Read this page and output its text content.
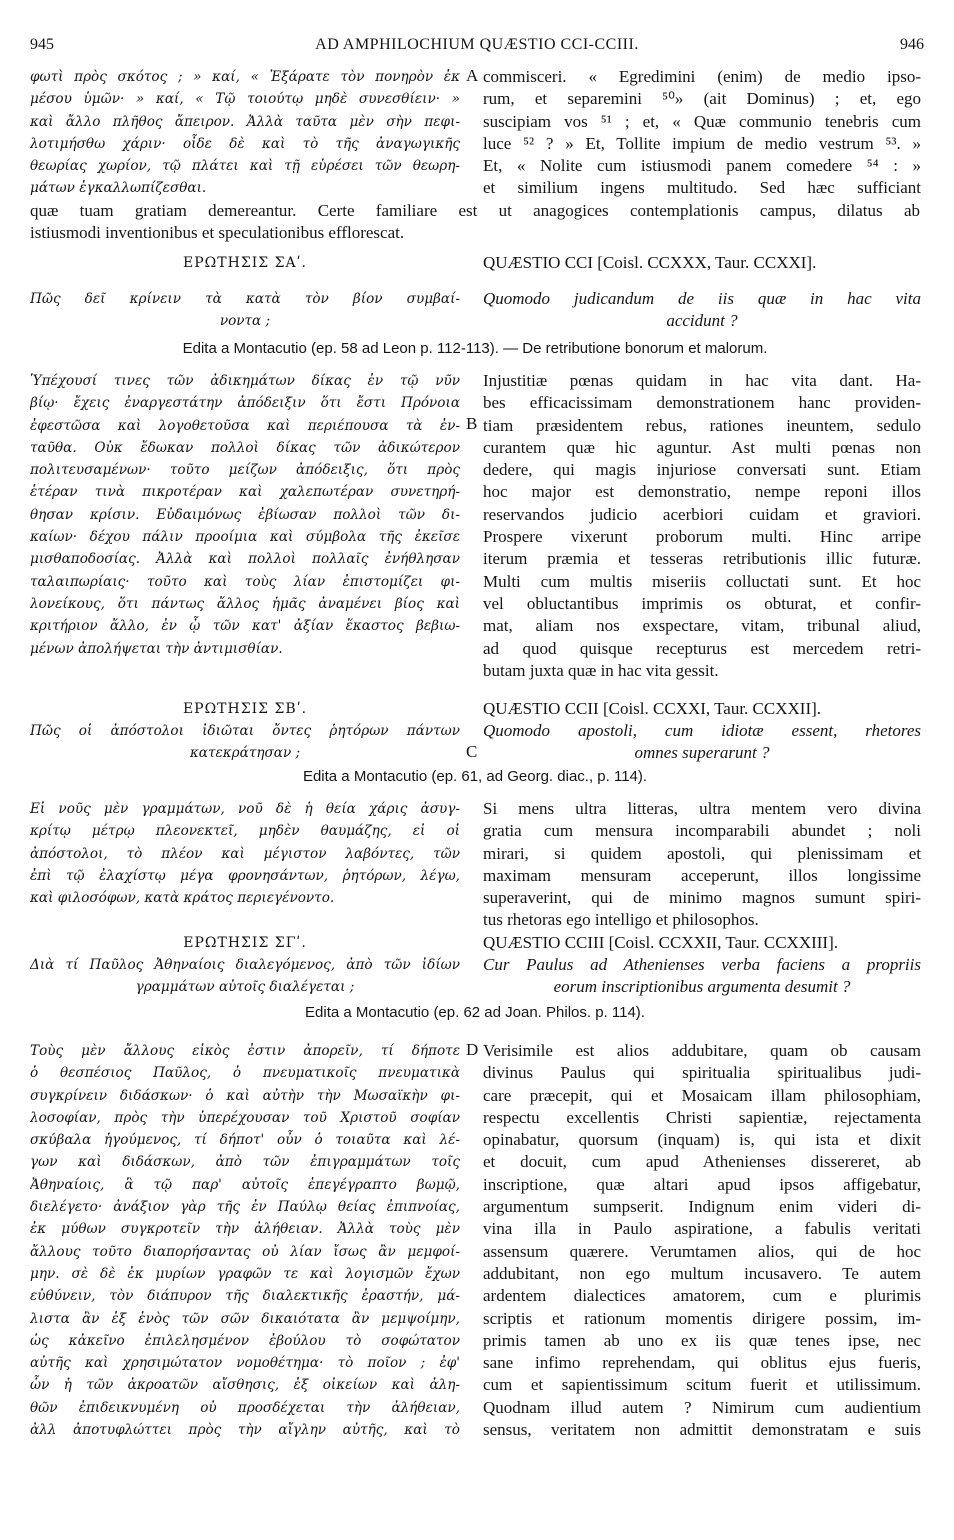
945	AD AMPHILOCHIUM QUÆSTIO CCI-CCIII.	946
φωτὶ πρὸς σκότος ; » καί, « Ἐξάρατε τὸν πονηρὸν ἐκ
μέσου ὑμῶν· » καί, « Τῷ τοιούτῳ μηδὲ συνεσθίειν· »
καὶ ἄλλο πλῆθος ἄπειρον. Ἀλλὰ ταῦτα μὲν σὴν πεφι-
λοτιμήσθω χάριν· οἶδε δὲ καὶ τὸ τῆς ἀναγωγικῆς
θεωρίας χωρίον, τῷ πλάτει καὶ τῇ εὑρέσει τῶν θεωρη-
μάτων ἐγκαλλωπίζεσθαι.
A commisceri. « Egredimini (enim) de medio ipso-
rum, et separemini ⁵⁰» (ait Dominus) ; et, ego
suscipiam vos ⁵¹ ; et, « Quæ communio tenebris cum
luce ⁵² ? » Et, Tollite impium de medio vestrum ⁵³. »
Et, « Nolite cum istiusmodi panem comedere ⁵⁴ : »
et similium ingens multitudo. Sed hæc sufficiant
quæ tuam gratiam demereantur. Certe familiare est ut anagogices contemplationis campus, dilatus ab
istiusmodi inventionibus et speculationibus efflorescat.
ΕΡΩΤΗΣΙΣ ΣΑʹ.	QUÆSTIO CCI [Coisl. CCXXX, Taur. CCXXI].
Πῶς δεῖ κρίνειν τὰ κατὰ τὸν βίον συμβαί-
νοντα ;
Quomodo judicandum de iis quæ in hac vita
accidunt ?
Edita a Montacutio (ep. 58 ad Leon p. 112-113). — De retributione bonorum et malorum.
Ὑπέχουσί τινες τῶν ἀδικημάτων δίκας ἐν τῷ νῦν
βίῳ· ἔχεις ἐναργεστάτην ἀπόδειξιν ὅτι ἔστι Πρόνοια
ἐφεστῶσα καὶ λογοθετοῦσα καὶ περιέπουσα τὰ ἐν-
ταῦθα. Οὐκ ἔδωκαν πολλοὶ δίκας τῶν ἀδικώτερον
πολιτευσαμένων· τοῦτο μείζων ἀπόδειξις, ὅτι πρὸς
ἑτέραν τινὰ πικροτέραν καὶ χαλεπωτέραν συνετηρή-
θησαν κρίσιν. Εὐδαιμόνως ἐβίωσαν πολλοὶ τῶν δι-
καίων· δέχου πάλιν προοίμια καὶ σύμβολα τῆς ἐκεῖσε
μισθαποδοσίας. Ἀλλὰ καὶ πολλοὶ πολλαῖς ἐνήθλησαν
ταλαιπωρίαις· τοῦτο καὶ τοὺς λίαν ἐπιστομίζει φι-
λονείκους, ὅτι πάντως ἄλλος ἡμᾶς ἀναμένει βίος καὶ
κριτήριον ἄλλο, ἐν ᾧ τῶν κατ' ἀξίαν ἕκαστος βεβιω-
μένων ἀπολήψεται τὴν ἀντιμισθίαν.
B
Injustitiæ pœnas quidam in hac vita dant. Ha-
bes efficacissimam demonstrationem hanc providen-
tiam præsidentem rebus, rationes ineuntem, sedulo
curantem quæ hic aguntur. Ast multi pœnas non
dedere, qui magis injuriose conversati sunt. Etiam
hoc major est demonstratio, nempe reponi illos
reservandos judicio acerbiori cuidam et graviori.
Prospere vixerunt proborum multi. Hinc arripe
iterum præmia et tesseras retributionis illic futuræ.
Multi cum multis miseriis colluctati sunt. Et hoc
vel obluctantibus imprimis os obturat, et confir-
mat, aliam nos exspectare, vitam, tribunal aliud,
ad quod quisque recepturus est mercedem retri-
butam juxta quæ in hac vita gessit.
ΕΡΩΤΗΣΙΣ ΣΒʹ.	QUÆSTIO CCII [Coisl. CCXXI, Taur. CCXXII].
Πῶς οἱ ἀπόστολοι ἰδιῶται ὄντες ῥητόρων πάντων
κατεκράτησαν ;	C
Quomodo apostoli, cum idiotæ essent, rhetores
omnes superarunt ?
Edita a Montacutio (ep. 61, ad Georg. diac., p. 114).
Εἰ νοῦς μὲν γραμμάτων, νοῦ δὲ ἡ θεία χάρις ἀσυγ-
κρίτῳ μέτρῳ πλεονεκτεῖ, μηδὲν θαυμάζης, εἰ οἱ
ἀπόστολοι, τὸ πλέον καὶ μέγιστον λαβόντες, τῶν
ἐπὶ τῷ ἐλαχίστῳ μέγα φρονησάντων, ῥητόρων, λέγω,
καὶ φιλοσόφων, κατὰ κράτος περιεγένοντο.
Si mens ultra litteras, ultra mentem vero divina
gratia cum mensura incomparabili abundet ; noli
mirari, si quidem apostoli, qui plenissimam et
maximam mensuram acceperunt, illos longissime
superaverint, qui de minimo magnos sumunt spiri-
tus rhetoras ego intelligo et philosophos.
ΕΡΩΤΗΣΙΣ ΣΓʹ.	QUÆSTIO CCIII [Coisl. CCXXII, Taur. CCXXIII].
Διὰ τί Παῦλος Ἀθηναίοις διαλεγόμενος, ἀπὸ τῶν ἰδίων
γραμμάτων αὐτοῖς διαλέγεται ;
Cur Paulus ad Athenienses verba faciens a propriis
eorum inscriptionibus argumenta desumit ?
Edita a Montacutio (ep. 62 ad Joan. Philos. p. 114).
Τοὺς μὲν ἄλλους εἰκὸς ἐστιν ἀπορεῖν, τί δήποτε
ὁ θεσπέσιος Παῦλος, ὁ πνευματικοῖς πνευματικὰ
συγκρίνειν διδάσκων· ὁ καὶ αὐτὴν τὴν Μωσαϊκὴν φι-
λοσοφίαν, πρὸς τὴν ὑπερέχουσαν τοῦ Χριστοῦ σοφίαν
σκύβαλα ἡγούμενος, τί δήποτ' οὖν ὁ τοιαῦτα καὶ λέ-
γων καὶ διδάσκων, ἀπὸ τῶν ἐπιγραμμάτων τοῖς
Ἀθηναίοις, ἃ τῷ παρ' αὐτοῖς ἐπεγέγραπτο βωμῷ,
διελέγετο· ἀνάξιον γὰρ τῆς ἐν Παύλῳ θείας ἐπιπνοίας,
ἐκ μύθων συγκροτεῖν τὴν ἀλήθειαν. Ἀλλὰ τοὺς μὲν
ἄλλους τοῦτο διαπορήσαντας οὐ λίαν ἴσως ἂν μεμφοί-
μην. σὲ δὲ ἐκ μυρίων γραφῶν τε καὶ λογισμῶν ἔχων
εὐθύνειν, τὸν διάπυρον τῆς διαλεκτικῆς ἐραστήν, μά-
λιστα ἂν ἐξ ἑνὸς τῶν σῶν δικαιότατα ἂν μεμψοίμην,
ὡς κἀκεῖνο ἐπιλελησμένον ἐβούλου τὸ σοφώτατον
αὐτῆς καὶ χρησιμώτατον νομοθέτημα· τὸ ποῖον ; ἐφ'
ὧν ἡ τῶν ἀκροατῶν αἴσθησις, ἐξ οἰκείων καὶ ἀλη-
θῶν ἐπιδεικνυμένη οὐ προσδέχεται τὴν ἀλήθειαν,
ἀλλ ἀποτυφλώττει πρὸς τὴν αἴγλην αὐτῆς, καὶ τὸ
D Verisimile est alios addubitare, quam ob causam
divinus Paulus qui spiritualia spiritualibus judi-
care præcepit, qui et Mosaicam illam philosophiam,
respectu excellentis Christi sapientiæ, rejectamenta
opinabatur, quorsum (inquam) is, qui ista et dixit
et docuit, cum apud Athenienses dissereret, ab
inscriptione, quæ altari apud ipsos affigebatur,
argumentum sumpserit. Indignum enim videri di-
vina illa in Paulo aspiratione, a fabulis veritati
assensum quærere. Verumtamen alios, qui de hoc
addubitant, non ego multum incusavero. Te autem
ardentem dialectices amatorem, cum e plurimis
scriptis et rationum momentis dirigere possim, im-
primis tamen ab uno ex iis quæ tenes ipse, nec
sane infimo reprehendam, qui oblitus ejus fueris,
cum et sapientissimum scitum fuerit et utilissimum.
Quodnam illud autem ? Nimirum cum audientium
sensus, veritatem non admittit demonstratam e suis
